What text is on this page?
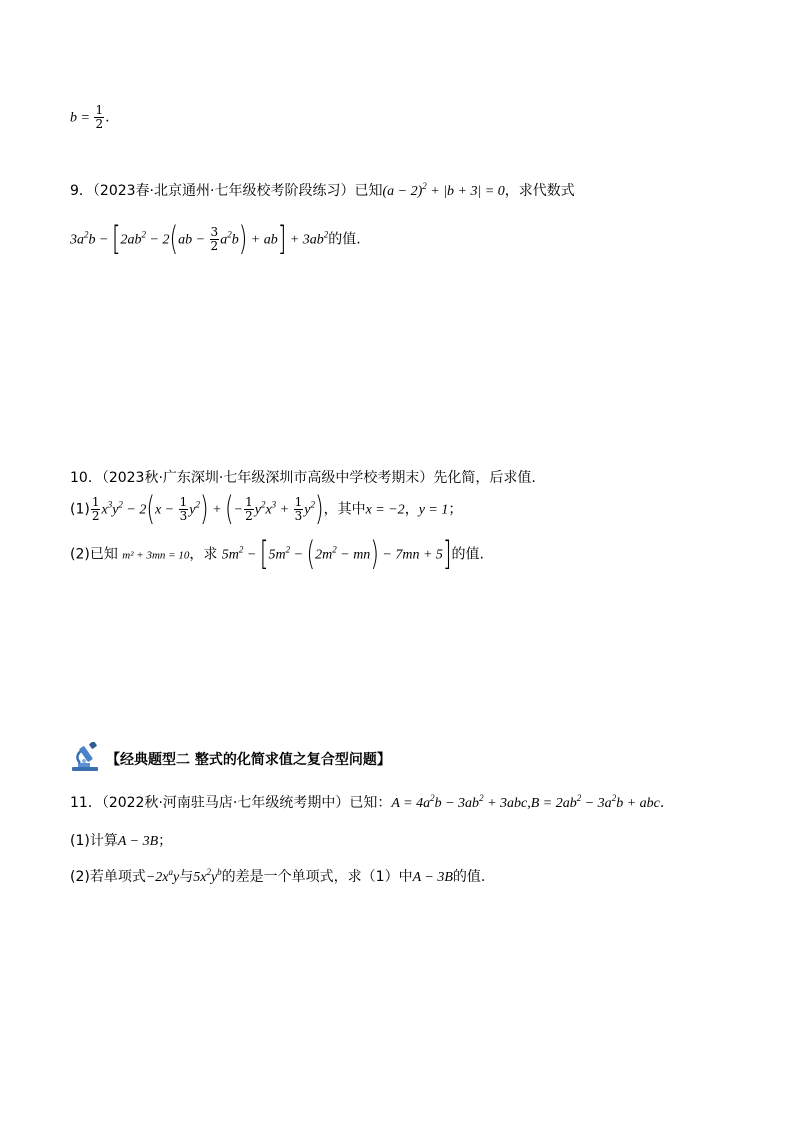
$b = \frac{1}{2}$ .
9．（2023春·北京通州·七年级校考阶段练习）已知$(a - 2)^2 + |b + 3| = 0$，求代数式
$3a^2b - [2ab^2 - 2(ab - \frac{3}{2} a^2b) + ab] + 3ab^2$的值.
10．（2023秋·广东深圳·七年级深圳市高级中学校考期末）先化简，后求值.
$(1) \frac{1}{2} x^3y^2 - 2(x - \frac{1}{3} y^2)$ + (− $\frac{1}{2} y^2x^3 + \frac{1}{3} y^2$)，其中x = −2，y = 1；
(2)已知 m² + 3mn = 10，求 $5m^2 - [5m^2 - (2m^2 - mn) - 7mn + 5]$的值.
【经典题型二 整式的化简求值之复合型问题】
11．（2022秋·河南驻马店·七年级统考期中）已知：$A = 4a^2b - 3ab^2 + 3abc,B = 2ab^2 - 3a^2b$ + abc.
(1)计算A − 3B；
(2)若单项式$-2x^ay$与$5x^2y^b$的差是一个单项式，求（1）中A − 3B的值.
